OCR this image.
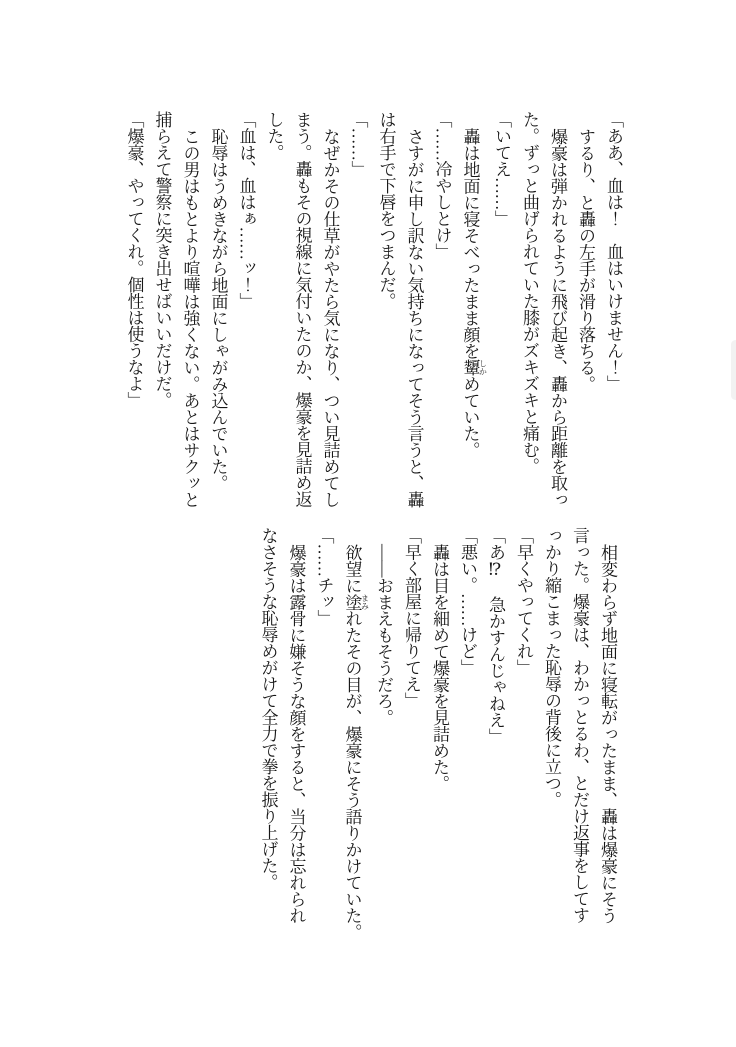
「ああ、血は！　血はいけません！」
するり、と轟の左手が滑り落ちる。
爆豪は弾かれるように飛び起き、轟から距離を取っ
た。ずっと曲げられていた膝がズキズキと痛む。
「いてえ……」
轟は地面に寝そべったまま顔を顰 しかめていた。
「……冷やしとけ」
さすがに申し訳ない気持ちになってそう言うと、轟
は右手で下唇をつまんだ。
「……」
なぜかその仕草がやたら気になり、つい見詰めてし
まう。轟もその視線に気付いたのか、爆豪を見詰め返
した。
「血は、血はぁ……ッ！」
恥辱はうめきながら地面にしゃがみ込んでいた。
この男はもとより喧嘩は強くない。あとはサクッと
捕らえて警察に突き出せばいいだけだ。
「爆豪、やってくれ。個性は使うなよ」
相変わらず地面に寝転がったまま、轟は爆豪にそう
言った。爆豪は、わかっとるわ、とだけ返事をしてす
っかり縮こまった恥辱の背後に立つ。
「早くやってくれ」
「あ⁉　急かすんじゃねえ」
「悪い。……けど」
轟は目を細めて爆豪を見詰めた。
「早く部屋に帰りてえ」
――おまえもそうだろ。
欲望に塗 まみれたその目が、爆豪にそう語りかけていた。
「……チッ」
爆豪は露骨に嫌そうな顔をすると、当分は忘れられ
なさそうな恥辱めがけて全力で拳を振り上げた。
